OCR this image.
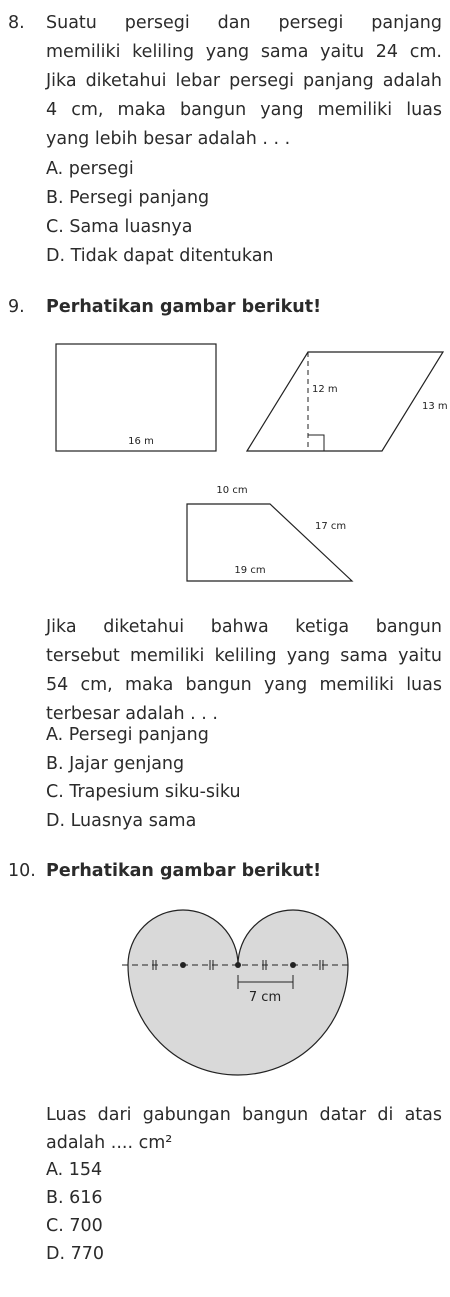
8. Suatu persegi dan persegi panjang
memiliki keliling yang sama yaitu 24 cm.
Jika diketahui lebar persegi panjang adalah
4 cm, maka bangun yang memiliki luas
yang lebih besar adalah . . .
A. persegi
B. Persegi panjang
C. Sama luasnya
D. Tidak dapat ditentukan
9. Perhatikan gambar berikut!
16 m
12 m
13 m
10 cm
17 cm
19 cm
Jika diketahui bahwa ketiga bangun
tersebut memiliki keliling yang sama yaitu
54 cm, maka bangun yang memiliki luas
terbesar adalah . . .
A. Persegi panjang
B. Jajar genjang
C. Trapesium siku-siku
D. Luasnya sama
10. Perhatikan gambar berikut!
7 cm
Luas dari gabungan bangun datar di atas
adalah .... cm²
A. 154
B. 616
C. 700
D. 770
